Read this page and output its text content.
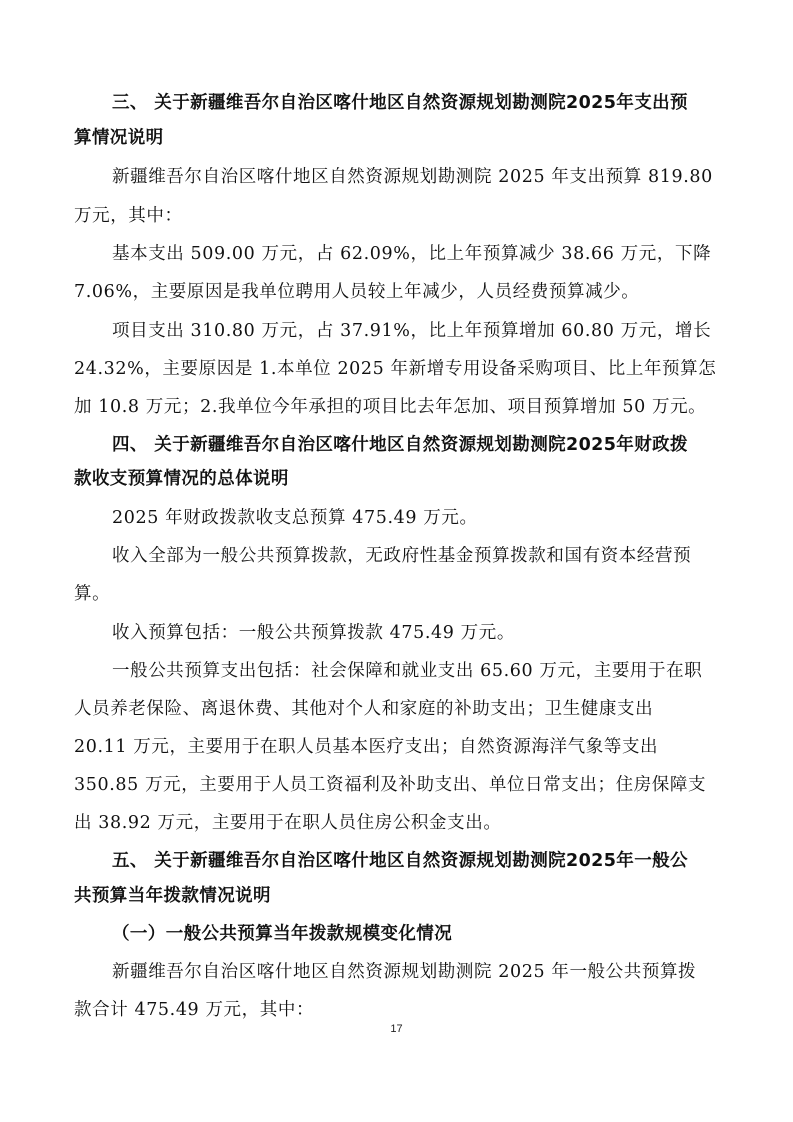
三、 关于新疆维吾尔自治区喀什地区自然资源规划勘测院2025年支出预
算情况说明
新疆维吾尔自治区喀什地区自然资源规划勘测院 2025 年支出预算 819.80
万元，其中：
基本支出 509.00 万元，占 62.09%，比上年预算减少 38.66 万元，下降
7.06%，主要原因是我单位聘用人员较上年减少，人员经费预算减少。
项目支出 310.80 万元，占 37.91%，比上年预算增加 60.80 万元，增长
24.32%，主要原因是 1.本单位 2025 年新增专用设备采购项目、比上年预算怎
加 10.8 万元；2.我单位今年承担的项目比去年怎加、项目预算增加 50 万元。
四、 关于新疆维吾尔自治区喀什地区自然资源规划勘测院2025年财政拨
款收支预算情况的总体说明
2025 年财政拨款收支总预算 475.49 万元。
收入全部为一般公共预算拨款，无政府性基金预算拨款和国有资本经营预
算。
收入预算包括：一般公共预算拨款 475.49 万元。
一般公共预算支出包括：社会保障和就业支出 65.60 万元，主要用于在职
人员养老保险、离退休费、其他对个人和家庭的补助支出；卫生健康支出
20.11 万元，主要用于在职人员基本医疗支出；自然资源海洋气象等支出
350.85 万元，主要用于人员工资福利及补助支出、单位日常支出；住房保障支
出 38.92 万元，主要用于在职人员住房公积金支出。
五、 关于新疆维吾尔自治区喀什地区自然资源规划勘测院2025年一般公
共预算当年拨款情况说明
（一）一般公共预算当年拨款规模变化情况
新疆维吾尔自治区喀什地区自然资源规划勘测院 2025 年一般公共预算拨
款合计 475.49 万元，其中：
17
